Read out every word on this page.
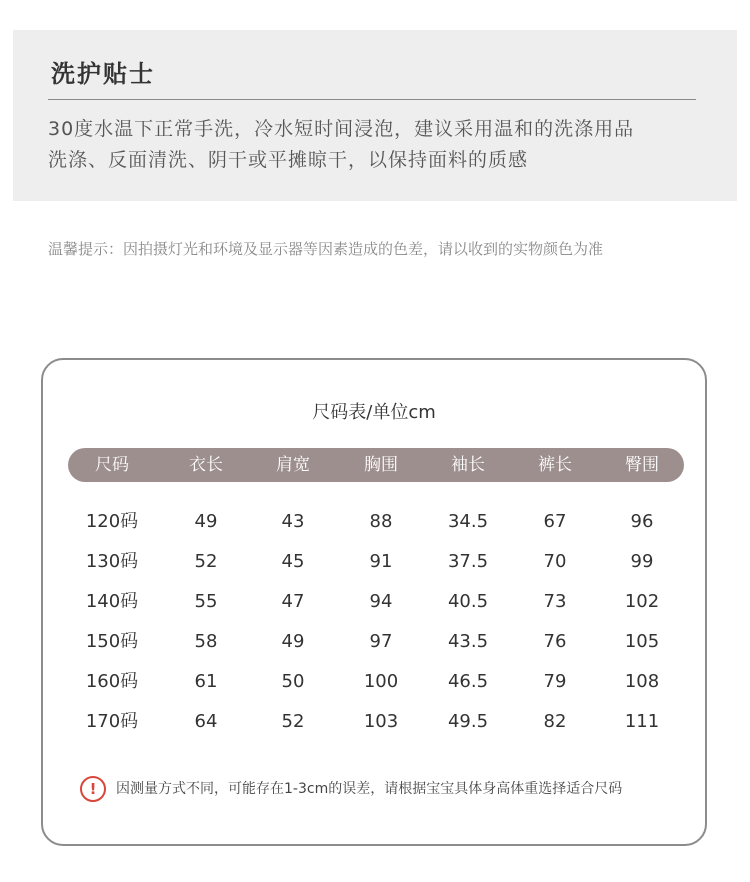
洗护贴士

30度水温下正常手洗，冷水短时间浸泡，建议采用温和的洗涤用品
洗涤、反面清洗、阴干或平摊晾干，以保持面料的质感

温馨提示：因拍摄灯光和环境及显示器等因素造成的色差，请以收到的实物颜色为准
尺码表/单位cm
尺码	衣长	肩宽	胸围	袖长	裤长	臀围
120码	49	43	88	34.5	67	96
130码	52	45	91	37.5	70	99
140码	55	47	94	40.5	73	102
150码	58	49	97	43.5	76	105
160码	61	50	100	46.5	79	108
170码	64	52	103	49.5	82	111
!	因测量方式不同，可能存在1-3cm的误差，请根据宝宝具体身高体重选择适合尺码
